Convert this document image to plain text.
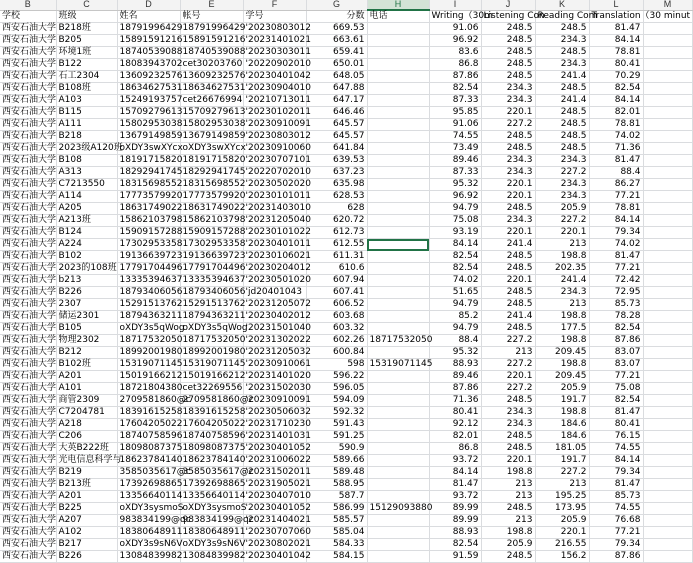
B	C	D	E	F	G	H	I	J	K	L	M
学校	班级	姓名	帐号	学号	分数	电话	Writing（30m	Listening Con	Reading Com	Translation（30 minut	
西安石油大学	B218班	18791996429	18791996429	'20230803012	669.53		91.06	248.5	248.5	81.47	
西安石油大学	B205	15891591216	15891591216	'20231401021	663.61		96.92	248.5	234.3	84.14	
西安石油大学	环境1班	18740539088	18740539088	'20230303011	659.41		83.6	248.5	248.5	78.81	
西安石油大学	B122	18083943702	cet30203760	'20220902010	650.01		86.8	248.5	234.3	80.41	
西安石油大学	石工2304	13609232576	13609232576	'20230401042	648.05		87.86	248.5	241.4	70.29	
西安石油大学	B108班	18634627531	18634627531	'20230904010	647.88		82.54	234.3	248.5	82.54	
西安石油大学	A103	15249193757	cet26676994	'20210713011	647.17		87.33	234.3	241.4	84.14	
西安石油大学	B115	15709279613	15709279613	'20230102011	646.46		95.85	220.1	248.5	82.01	
西安石油大学	A111	15802953038	15802953038	'20230910091	645.57		91.06	227.2	248.5	78.81	
西安石油大学	B218	13679149859	13679149859	'20230803012	645.57		74.55	248.5	248.5	74.02	
西安石油大学	2023级A120班	oXDY3swXYcx	oXDY3swXYcx	'20230910060	641.84		73.49	248.5	248.5	71.36	
西安石油大学	B108	18191715820	18191715820	'20230707101	639.53		89.46	234.3	234.3	81.47	
西安石油大学	A313	18292941745	18292941745	'20220702010	637.23		87.33	234.3	227.2	88.4	
西安石油大学	C7213550	18315698552	18315698552	'20230502020	635.98		95.32	220.1	234.3	86.27	
西安石油大学	A114	17773579920	17773579920	'20230101011	628.53		96.92	220.1	234.3	77.21	
西安石油大学	A205	18631749022	18631749022	'20231403010	628		94.79	248.5	205.9	78.81	
西安石油大学	A213班	15862103798	15862103798	'20231205040	620.72		75.08	234.3	227.2	84.14	
西安石油大学	B124	15909157288	15909157288	'20230101022	612.73		93.19	220.1	220.1	79.34	
西安石油大学	A224	17302953358	17302953358	'20230401011	612.55		84.14	241.4	213	74.02	
西安石油大学	B102	19136639723	19136639723	'20230106021	611.31		82.54	248.5	198.8	81.47	
西安石油大学	2023的108班	17791704496	17791704496	'20230204012	610.6		82.54	248.5	202.35	77.21	
西安石油大学	b213	13335394637	13335394637	'20230501020	607.94		74.02	220.1	241.4	72.42	
西安石油大学	B226	18793406056	18793406056	'jd20401043	607.41		51.65	248.5	234.3	72.95	
西安石油大学	2307	15291513762	15291513762	'20231205072	606.52		94.79	248.5	213	85.73	
西安石油大学	储运2301	18794363211	18794363211	'20230402012	603.68		85.2	241.4	198.8	78.28	
西安石油大学	B105	oXDY3s5qWog	oXDY3s5qWog	'20231501040	603.32		94.79	248.5	177.5	82.54	
西安石油大学	物理2302	18717532050	18717532050	'20231302022	602.26	18717532050	88.4	227.2	198.8	87.86	
西安石油大学	B212	18992001980	18992001980	'20231205032	600.84		95.32	213	209.45	83.07	
西安石油大学	B102班	15319071145	15319071145	'20230910061	598	15319071145	88.93	227.2	198.8	83.07	
西安石油大学	A201	15019166212	15019166212	'20231401020	596.22		89.46	220.1	209.45	77.21	
西安石油大学	A101	18721804380	cet32269556	'20231502030	596.05		87.86	227.2	205.9	75.08	
西安石油大学	商管2309	2709581860@c	2709581860@c	'20230910091	594.09		71.36	248.5	191.7	82.54	
西安石油大学	C7204781	18391615258	18391615258	'20230506032	592.32		80.41	234.3	198.8	81.47	
西安石油大学	A218	17604205022	17604205022	'20231710230	591.43		92.12	234.3	184.6	80.41	
西安石油大学	C206	18740758596	18740758596	'20231401031	591.25		82.01	248.5	184.6	76.15	
西安石油大学	大英B222班	18098087375	18098087375	'20230401052	590.9		86.8	248.5	181.05	74.55	
西安石油大学	光电信息科学与	18623784140	18623784140	'20231006022	589.66		93.72	220.1	191.7	84.14	
西安石油大学	B219	3585035617@c	3585035617@c	'20231502011	589.48		84.14	198.8	227.2	79.34	
西安石油大学	B213班	17392698865	17392698865	'20231905021	588.95		81.47	213	213	81.47	
西安石油大学	A201	13356640114	13356640114	'20230407010	587.7		93.72	213	195.25	85.73	
西安石油大学	B225	oXDY3sysmoS	oXDY3sysmoS	'20230401052	586.99	15129093880	89.99	248.5	173.95	74.55	
西安石油大学	A207	983834199@qc	983834199@qc	'20231404021	585.57		89.99	213	205.9	76.68	
西安石油大学	A102	18380648911	18380648911	'20230707060	585.04		88.93	198.8	220.1	77.21	
西安石油大学	B217	oXDY3s9sN6V	oXDY3s9sN6V	'20230802021	584.33		82.54	205.9	216.55	79.34	
西安石油大学	B226	13084839982	13084839982	'20230401042	584.15		91.59	248.5	156.2	87.86	
